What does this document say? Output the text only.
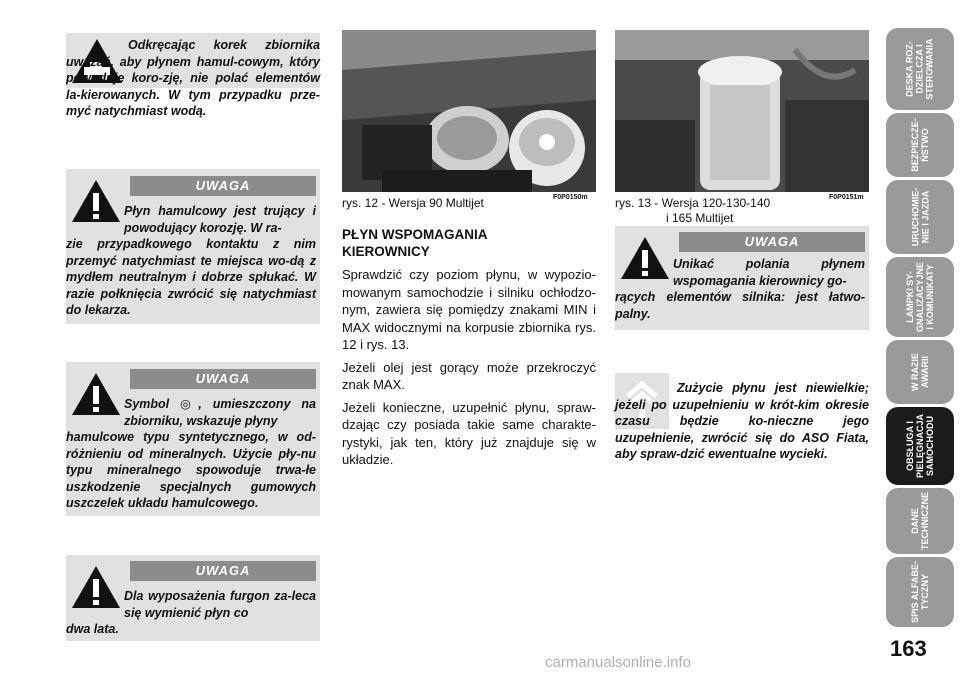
Odkręcając korek zbiornika uważać, aby płynem hamul-cowym, który powoduje koro-zję, nie polać elementów la-kierowanych. W tym przypadku prze-myć natychmiast wodą.

UWAGA

Płyn hamulcowy jest trujący i powodujący korozję. W ra-

zie przypadkowego kontaktu z nim przemyć natychmiast te miejsca wo-dą z mydłem neutralnym i dobrze spłukać. W razie połknięcia zwrócić się natychmiast do lekarza.

UWAGA

Symbol ◎, umieszczony na zbiorniku, wskazuje płyny

hamulcowe typu syntetycznego, w od-różnieniu od mineralnych. Użycie pły-nu typu mineralnego spowoduje trwa-łe uszkodzenie specjalnych gumowych uszczelek układu hamulcowego.

UWAGA

Dla wyposażenia furgon za-leca się wymienić płyn co

dwa lata.

rys. 12 - Wersja 90 Multijet	F0P0150m
PŁYN WSPOMAGANIA KIEROWNICY

Sprawdzić czy poziom płynu, w wypozio-mowanym samochodzie i silniku ochłodzo-nym, zawiera się pomiędzy znakami MIN i MAX widocznymi na korpusie zbiornika rys. 12 i rys. 13.

Jeżeli olej jest gorący może przekroczyć znak MAX.

Jeżeli konieczne, uzupełnić płynu, spraw-dzając czy posiada takie same charakte-rystyki, jak ten, który już znajduje się w układzie.

rys. 13 - Wersja 120-130-140
i 165 Multijet
F0P0151m
UWAGA

Unikać polania płynem wspomagania kierownicy go-

rących elementów silnika: jest łatwo-palny.

Zużycie płynu jest niewielkie; jeżeli po uzupełnieniu w krót-kim okresie czasu będzie ko-nieczne jego uzupełnienie, zwrócić się do ASO Fiata, aby spraw-dzić ewentualne wycieki.

DESKA ROZ-
DZIELCZA I
STEROWANIA
BEZPIECZE-
ŃSTWO
URUCHOMIE-
NIE I JAZDA
LAMPKI SY-
GNALIZACYJNE
I KOMUNIKATY
W RAZIE
AWARII
OBSŁUGA I
PIELĘGNACJA
SAMOCHODU
DANE
TECHNICZNE
SPIS ALFABE-
TYCZNY
163
carmanualsonline.info
